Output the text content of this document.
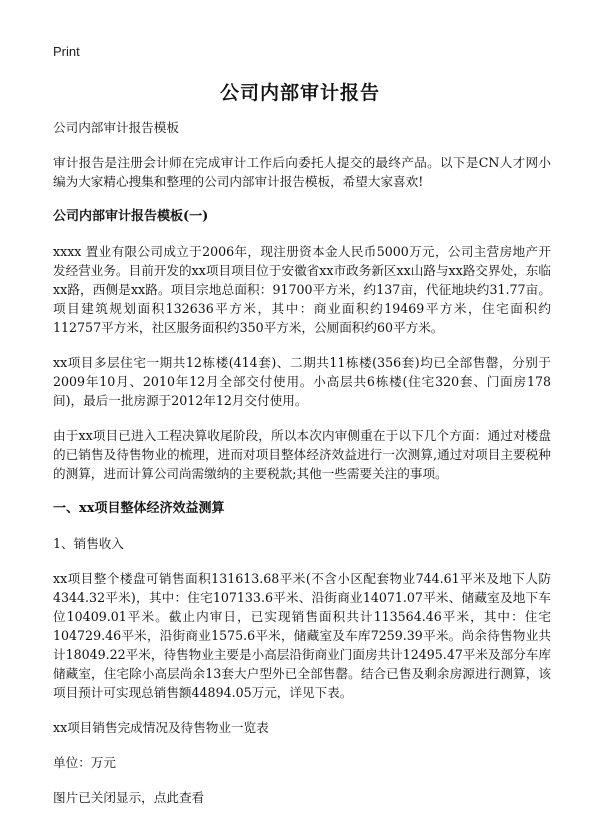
Print
公司内部审计报告

公司内部审计报告模板

审计报告是注册会计师在完成审计工作后向委托人提交的最终产品。以下是CN人才网小编为大家精心搜集和整理的公司内部审计报告模板，希望大家喜欢!

公司内部审计报告模板(一)

xxxx 置业有限公司成立于2006年，现注册资本金人民币5000万元，公司主营房地产开发经营业务。目前开发的xx项目项目位于安徽省xx市政务新区xx山路与xx路交界处，东临xx路，西侧是xx路。项目宗地总面积：91700平方米，约137亩，代征地块约31.77亩。项目建筑规划面积132636平方米，其中：商业面积约19469平方米，住宅面积约112757平方米，社区服务面积约350平方米，公厕面积约60平方米。

xx项目多层住宅一期共12栋楼(414套)、二期共11栋楼(356套)均已全部售罄，分别于2009年10月、2010年12月全部交付使用。小高层共6栋楼(住宅320套、门面房178间)，最后一批房源于2012年12月交付使用。

由于xx项目已进入工程决算收尾阶段，所以本次内审侧重在于以下几个方面：通过对楼盘的已销售及待售物业的梳理，进而对项目整体经济效益进行一次测算,通过对项目主要税种的测算，进而计算公司尚需缴纳的主要税款;其他一些需要关注的事项。

一、xx项目整体经济效益测算

1、销售收入

xx项目整个楼盘可销售面积131613.68平米(不含小区配套物业744.61平米及地下人防4344.32平米)，其中：住宅107133.6平米、沿街商业14071.07平米、储藏室及地下车位10409.01平米。截止内审日，已实现销售面积共计113564.46平米，其中：住宅104729.46平米，沿街商业1575.6平米，储藏室及车库7259.39平米。尚余待售物业共计18049.22平米，待售物业主要是小高层沿街商业门面房共计12495.47平米及部分车库储藏室，住宅除小高层尚余13套大户型外已全部售罄。结合已售及剩余房源进行测算，该项目预计可实现总销售额44894.05万元，详见下表。

xx项目销售完成情况及待售物业一览表

单位：万元

图片已关闭显示，点此查看
